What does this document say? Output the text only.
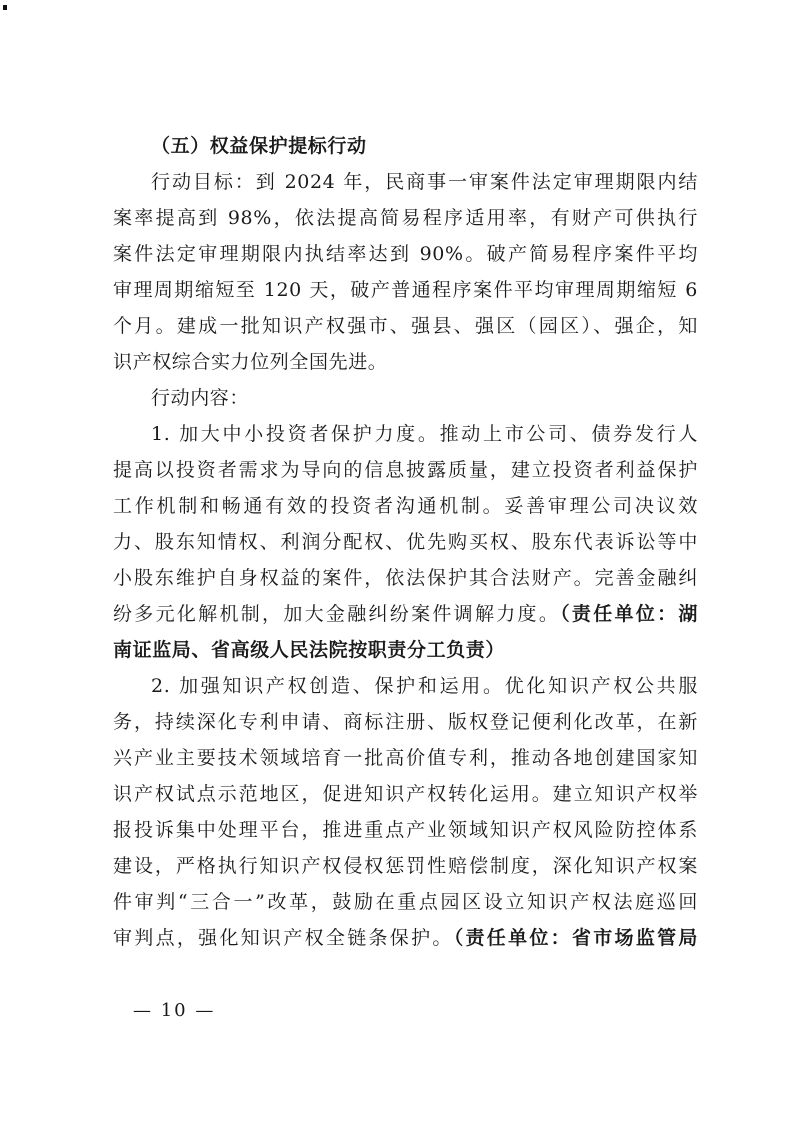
（五）权益保护提标行动
行动目标：到 2024 年，民商事一审案件法定审理期限内结
案率提高到 98%，依法提高简易程序适用率，有财产可供执行
案件法定审理期限内执结率达到 90%。破产简易程序案件平均
审理周期缩短至 120 天，破产普通程序案件平均审理周期缩短 6
个月。建成一批知识产权强市、强县、强区（园区）、强企，知
识产权综合实力位列全国先进。
行动内容：
1. 加大中小投资者保护力度。推动上市公司、债券发行人
提高以投资者需求为导向的信息披露质量，建立投资者利益保护
工作机制和畅通有效的投资者沟通机制。妥善审理公司决议效
力、股东知情权、利润分配权、优先购买权、股东代表诉讼等中
小股东维护自身权益的案件，依法保护其合法财产。完善金融纠
纷多元化解机制，加大金融纠纷案件调解力度。（责任单位：湖
南证监局、省高级人民法院按职责分工负责）
2. 加强知识产权创造、保护和运用。优化知识产权公共服
务，持续深化专利申请、商标注册、版权登记便利化改革，在新
兴产业主要技术领域培育一批高价值专利，推动各地创建国家知
识产权试点示范地区，促进知识产权转化运用。建立知识产权举
报投诉集中处理平台，推进重点产业领域知识产权风险防控体系
建设，严格执行知识产权侵权惩罚性赔偿制度，深化知识产权案
件审判“三合一”改革，鼓励在重点园区设立知识产权法庭巡回
审判点，强化知识产权全链条保护。（责任单位：省市场监管局
— 10 —
